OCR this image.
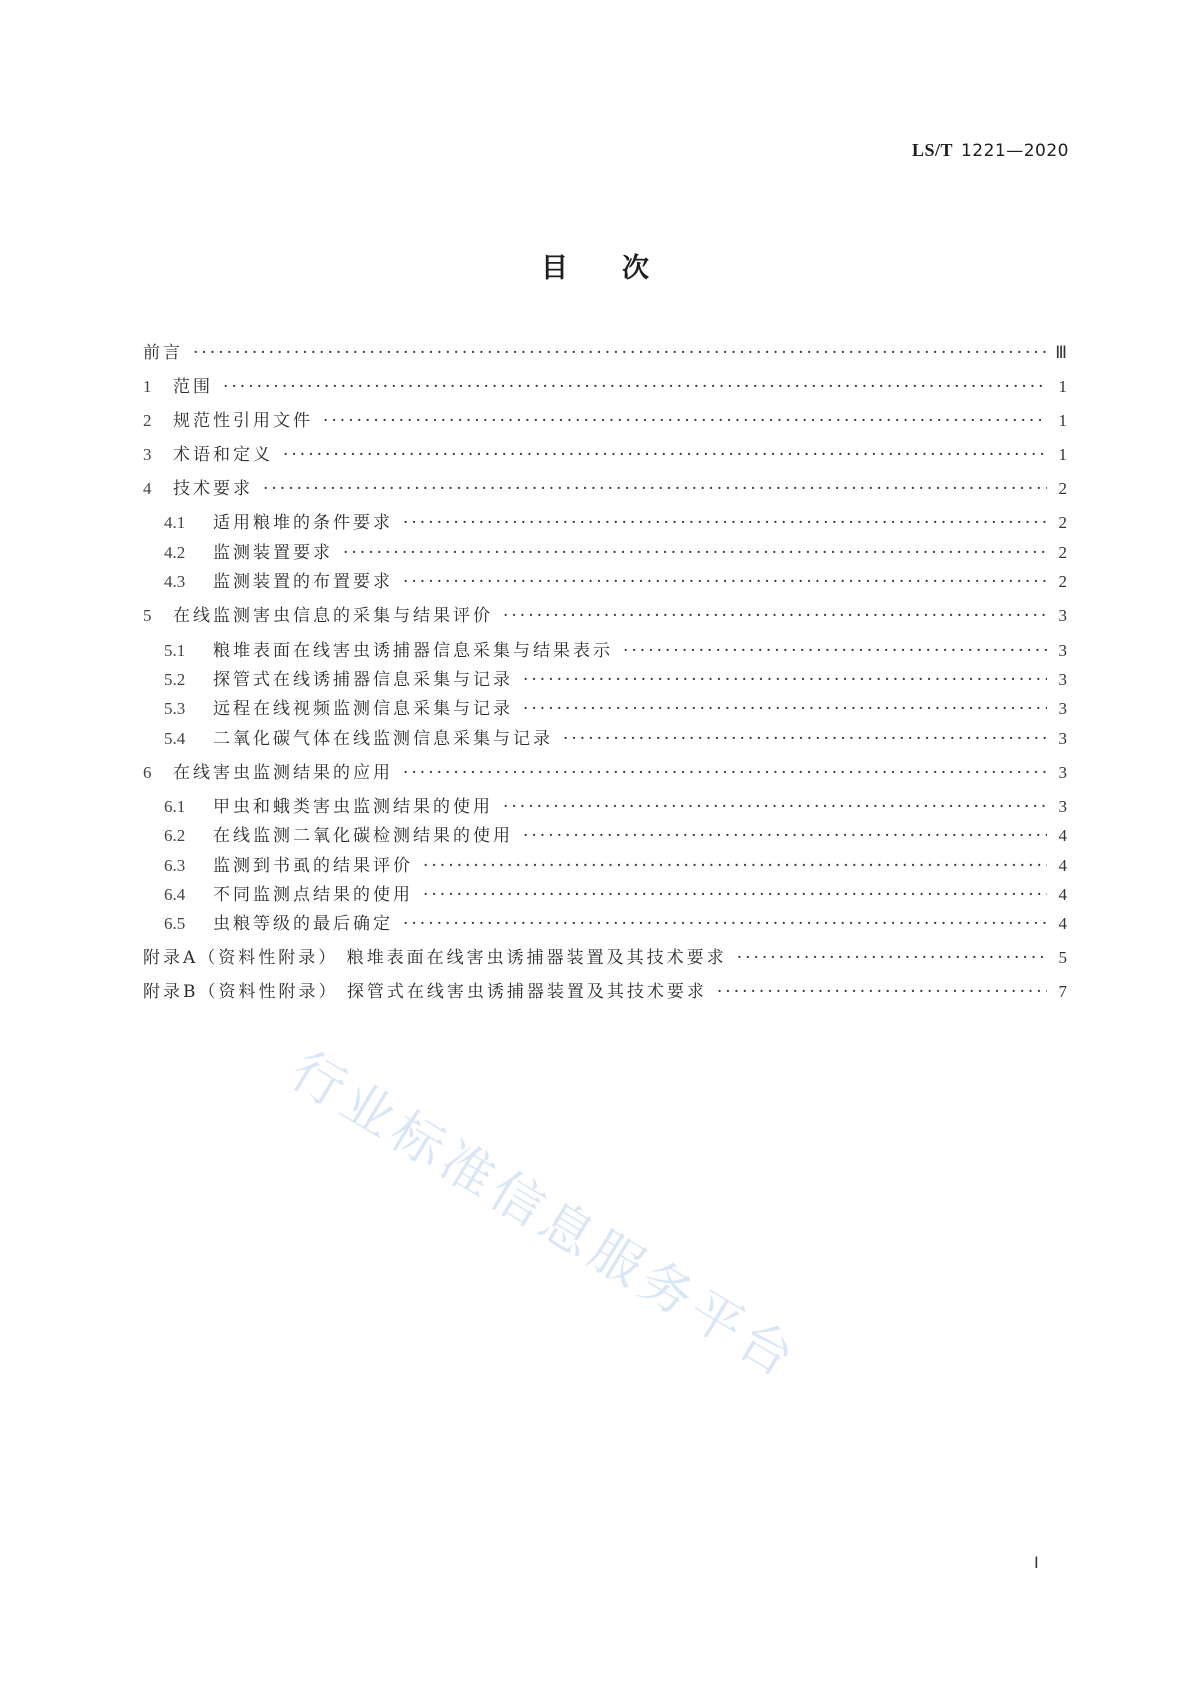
LS/T 1221—2020
目次
前言 ·····	Ⅲ
1	范围 ·····	1
2	规范性引用文件 ·····	1
3	术语和定义 ·····	1
4	技术要求 ·····	2
4.1	适用粮堆的条件要求 ·····	2
4.2	监测装置要求 ·····	2
4.3	监测装置的布置要求 ·····	2
5	在线监测害虫信息的采集与结果评价 ·····	3
5.1	粮堆表面在线害虫诱捕器信息采集与结果表示 ·····	3
5.2	探管式在线诱捕器信息采集与记录 ·····	3
5.3	远程在线视频监测信息采集与记录 ·····	3
5.4	二氧化碳气体在线监测信息采集与记录 ·····	3
6	在线害虫监测结果的应用 ·····	3
6.1	甲虫和蛾类害虫监测结果的使用 ·····	3
6.2	在线监测二氧化碳检测结果的使用 ·····	4
6.3	监测到书虱的结果评价 ·····	4
6.4	不同监测点结果的使用 ·····	4
6.5	虫粮等级的最后确定 ·····	4
附录A（资料性附录） 粮堆表面在线害虫诱捕器装置及其技术要求 ·····	5
附录B（资料性附录） 探管式在线害虫诱捕器装置及其技术要求 ·····	7
行业标准信息服务平台
Ⅰ
